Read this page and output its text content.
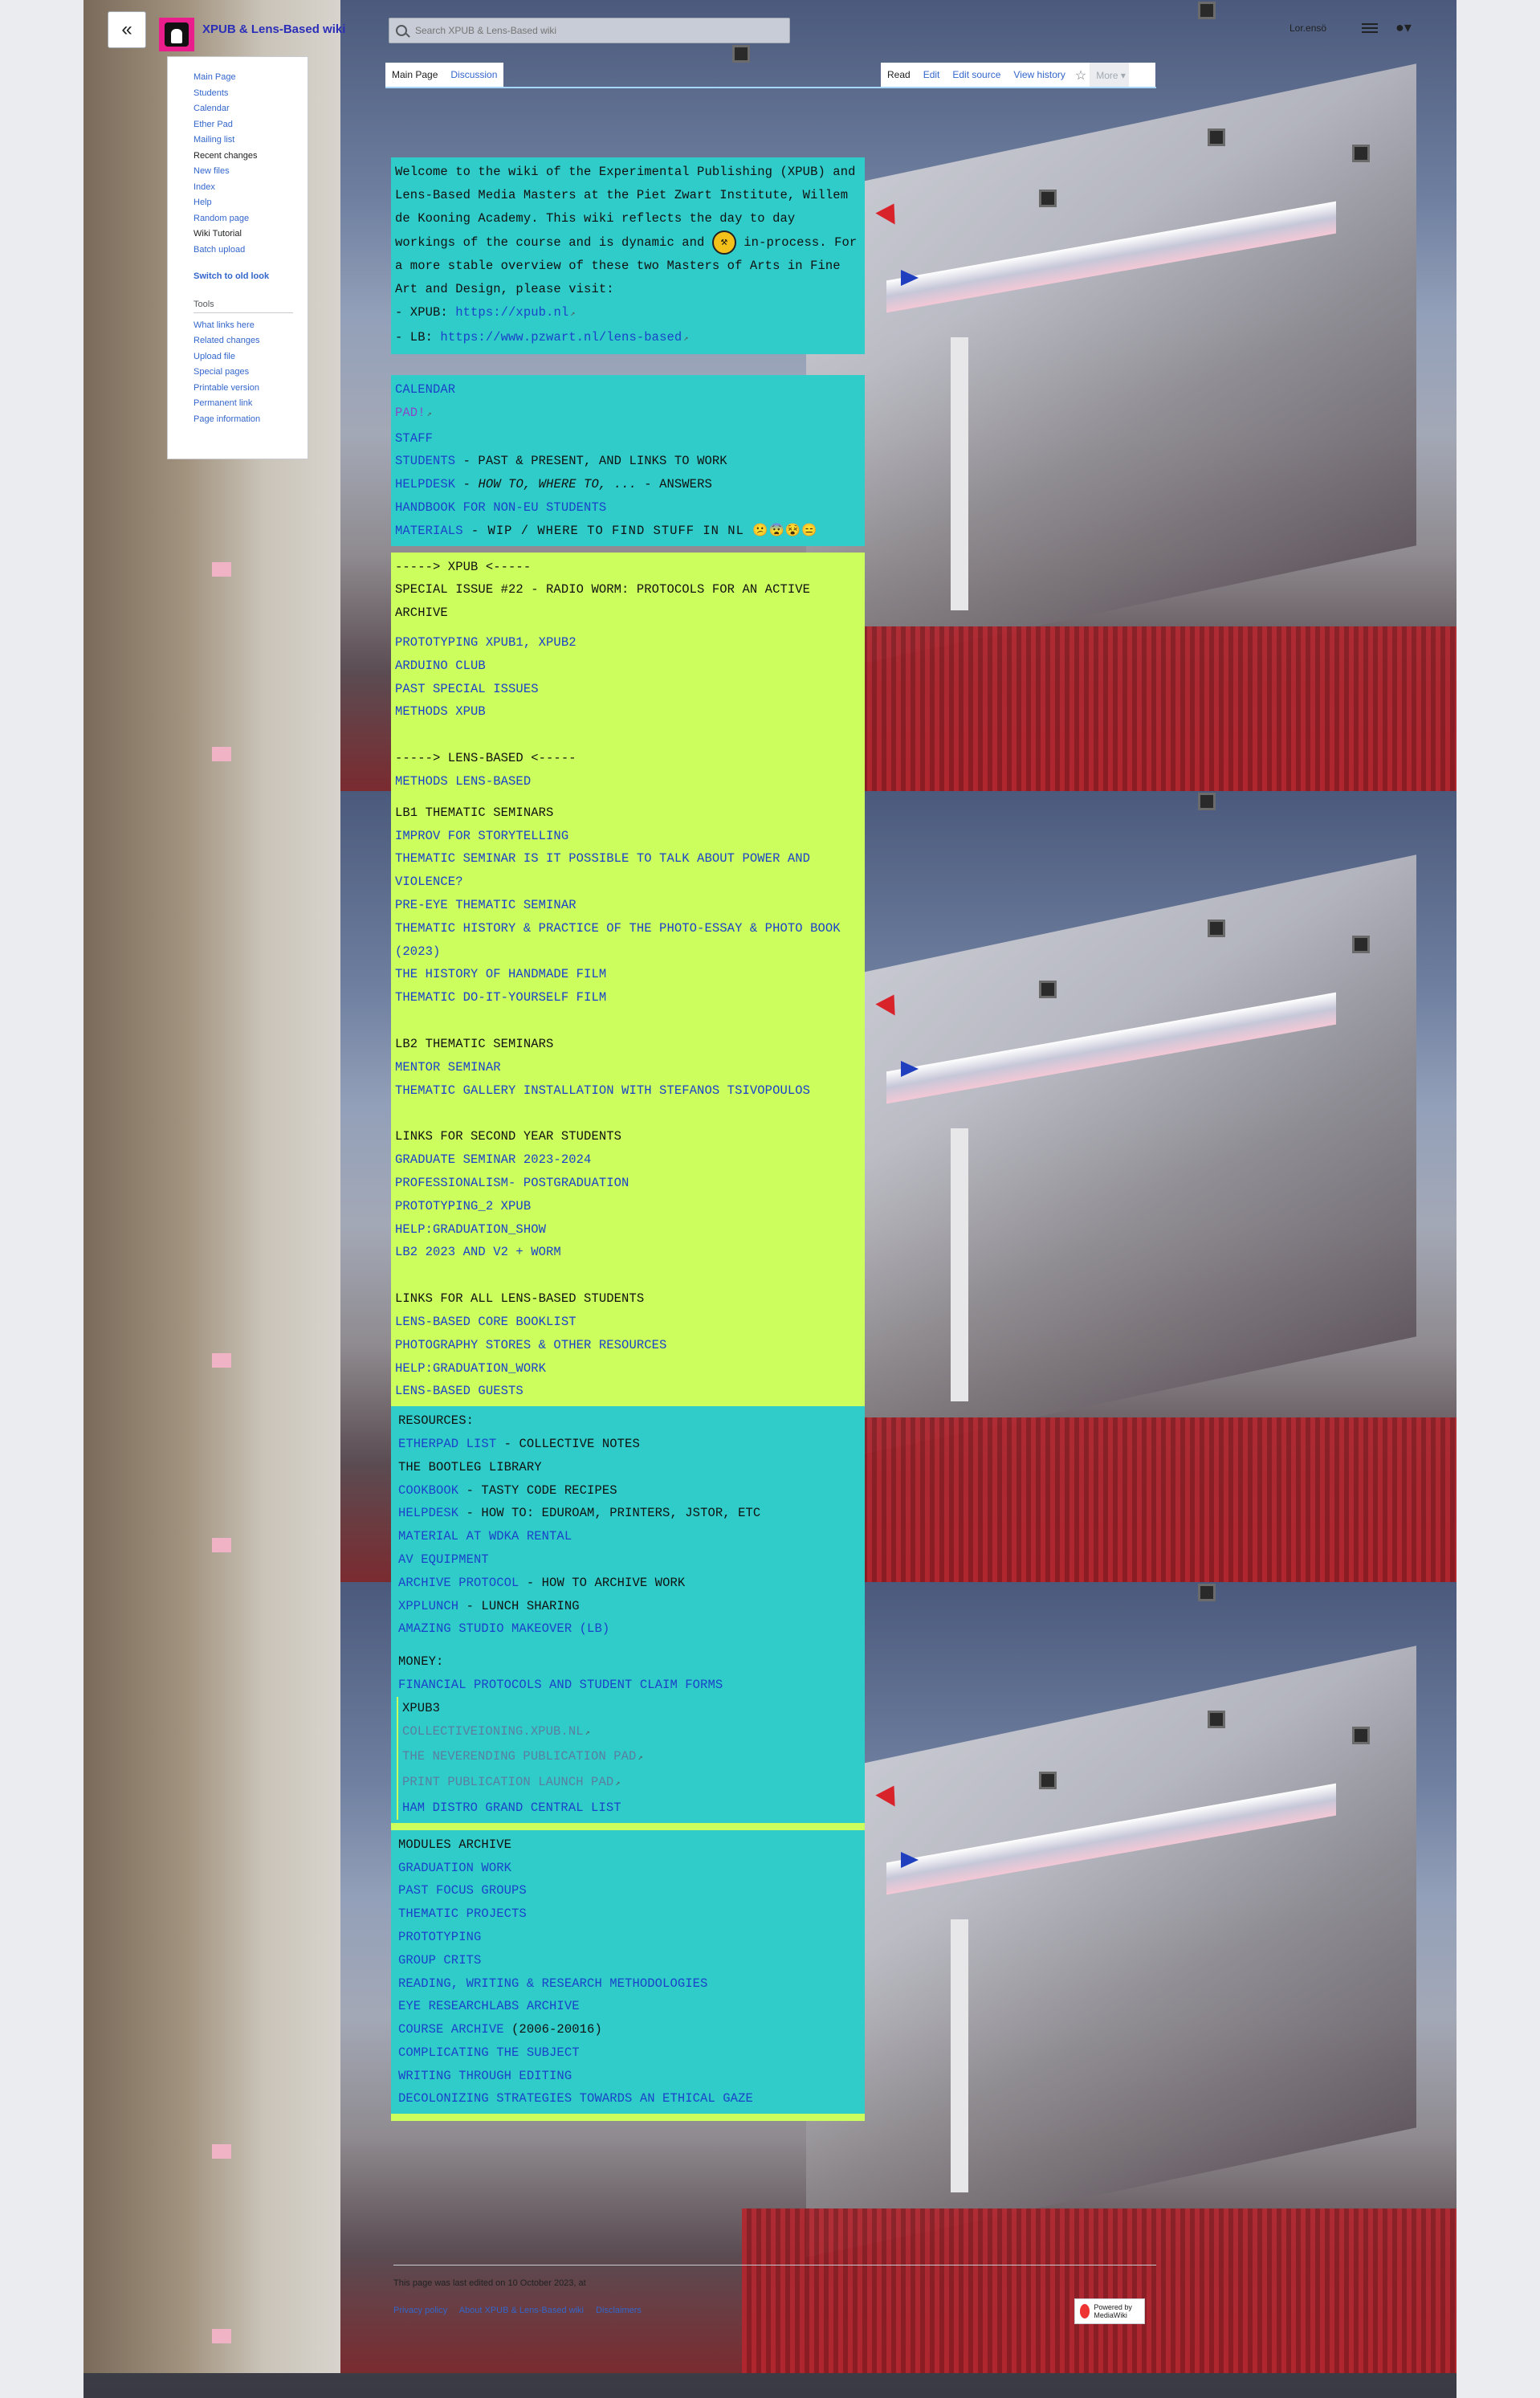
«	XPUB & Lens-Based wiki
Search XPUB & Lens-Based wiki	Lor.ensö	●▾
Main Page
Students
Calendar
Ether Pad
Mailing list
Recent changes
New files
Index
Help
Random page
Wiki Tutorial
Batch upload
Switch to old look
Tools
What links here
Related changes
Upload file
Special pages
Printable version
Permanent link
Page information
Main Page	Discussion	Read	Edit	Edit source	View history ☆	More ▾
Welcome to the wiki of the Experimental Publishing (XPUB) and Lens-Based Media Masters at the Piet Zwart Institute, Willem de Kooning Academy. This wiki reflects the day to day workings of the course and is dynamic and ⚒ in-process. For a more stable overview of these two Masters of Arts in Fine Art and Design, please visit:
- XPUB: https://xpub.nl ↗
- LB: https://www.pzwart.nl/lens-based ↗
CALENDAR
PAD! ↗
STAFF
STUDENTS - PAST & PRESENT, AND LINKS TO WORK
HELPDESK - HOW TO, WHERE TO, ... - ANSWERS
HANDBOOK FOR NON-EU STUDENTS
MATERIALS - WIP / WHERE TO FIND STUFF IN NL 😕😨😵😑
-----> XPUB <-----
SPECIAL ISSUE #22 - RADIO WORM: PROTOCOLS FOR AN ACTIVE ARCHIVE
PROTOTYPING XPUB1, XPUB2
ARDUINO CLUB
PAST SPECIAL ISSUES
METHODS XPUB

-----> LENS-BASED <-----
METHODS LENS-BASED

LB1 THEMATIC SEMINARS
IMPROV FOR STORYTELLING
THEMATIC SEMINAR IS IT POSSIBLE TO TALK ABOUT POWER AND VIOLENCE?
PRE-EYE THEMATIC SEMINAR
THEMATIC HISTORY & PRACTICE OF THE PHOTO-ESSAY & PHOTO BOOK (2023)
THE HISTORY OF HANDMADE FILM
THEMATIC DO-IT-YOURSELF FILM

LB2 THEMATIC SEMINARS
MENTOR SEMINAR
THEMATIC GALLERY INSTALLATION WITH STEFANOS TSIVOPOULOS

LINKS FOR SECOND YEAR STUDENTS
GRADUATE SEMINAR 2023-2024
PROFESSIONALISM- POSTGRADUATION
PROTOTYPING_2 XPUB
HELP:GRADUATION_SHOW
LB2 2023 AND V2 + WORM

LINKS FOR ALL LENS-BASED STUDENTS
LENS-BASED CORE BOOKLIST
PHOTOGRAPHY STORES & OTHER RESOURCES
HELP:GRADUATION_WORK
LENS-BASED GUESTS
RESOURCES:
ETHERPAD LIST - COLLECTIVE NOTES
THE BOOTLEG LIBRARY
COOKBOOK - TASTY CODE RECIPES
HELPDESK - HOW TO: EDUROAM, PRINTERS, JSTOR, ETC
MATERIAL AT WDKA RENTAL
AV EQUIPMENT
ARCHIVE PROTOCOL - HOW TO ARCHIVE WORK
XPPLUNCH - LUNCH SHARING
AMAZING STUDIO MAKEOVER (LB)

MONEY:
FINANCIAL PROTOCOLS AND STUDENT CLAIM FORMS

XPUB3
COLLECTIVEIONING.XPUB.NL ↗
THE NEVERENDING PUBLICATION PAD ↗
PRINT PUBLICATION LAUNCH PAD ↗
HAM DISTRO GRAND CENTRAL LIST
MODULES ARCHIVE
GRADUATION WORK
PAST FOCUS GROUPS
THEMATIC PROJECTS
PROTOTYPING
GROUP CRITS
READING, WRITING & RESEARCH METHODOLOGIES
EYE RESEARCHLABS ARCHIVE
COURSE ARCHIVE (2006-20016)
COMPLICATING THE SUBJECT
WRITING THROUGH EDITING
DECOLONIZING STRATEGIES TOWARDS AN ETHICAL GAZE
This page was last edited on 10 October 2023, at
Privacy policy About XPUB & Lens-Based wiki Disclaimers	Powered by MediaWiki
